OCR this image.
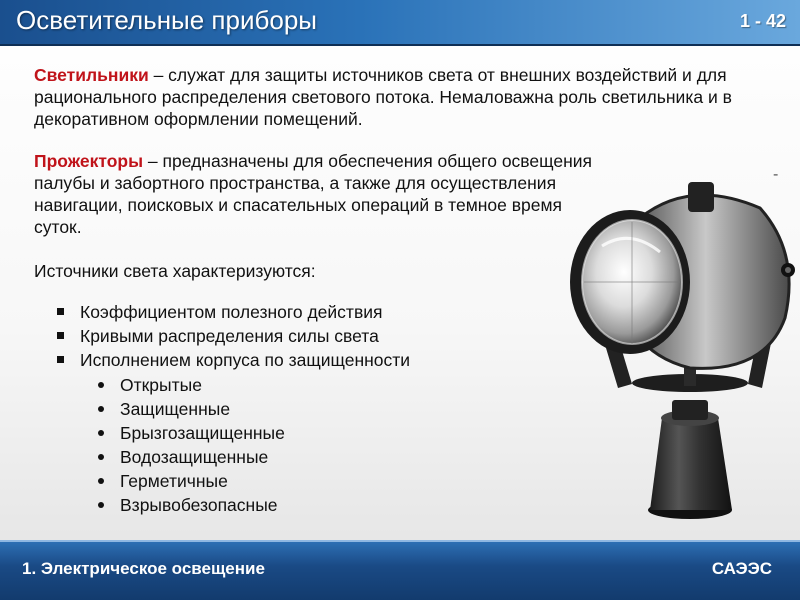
Осветительные приборы	1 - 42

Светильники – служат для защиты источников света от внешних воздействий и для рационального распределения светового потока. Немаловажна роль светильника и в декоративном оформлении помещений.

Прожекторы – предназначены для обеспечения общего освещения палубы и забортного пространства, а также для осуществления навигации, поисковых и спасательных операций в темное время суток.

-

Источники света характеризуются:

Коэффициентом полезного действия
Кривыми распределения силы света
Исполнением корпуса по защищенности
Открытые
Защищенные
Брызгозащищенные
Водозащищенные
Герметичные
Взрывобезопасные
1. Электрическое освещение	САЭЭС
